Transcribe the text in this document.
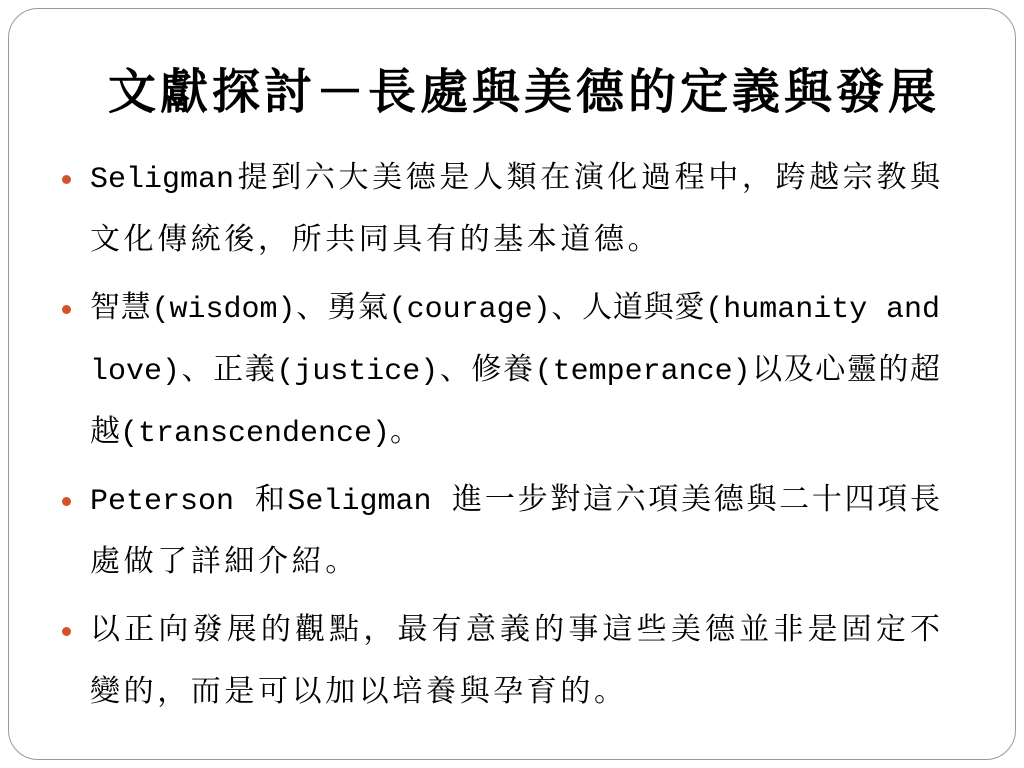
文獻探討－長處與美德的定義與發展
Seligman提到六大美德是人類在演化過程中，跨越宗教與
文化傳統後，所共同具有的基本道德。
智慧(wisdom)、勇氣(courage)、人道與愛(humanity and
love)、正義(justice)、修養(temperance)以及心靈的超
越(transcendence)。
Peterson 和Seligman 進一步對這六項美德與二十四項長
處做了詳細介紹。
以正向發展的觀點，最有意義的事這些美德並非是固定不
變的，而是可以加以培養與孕育的。
